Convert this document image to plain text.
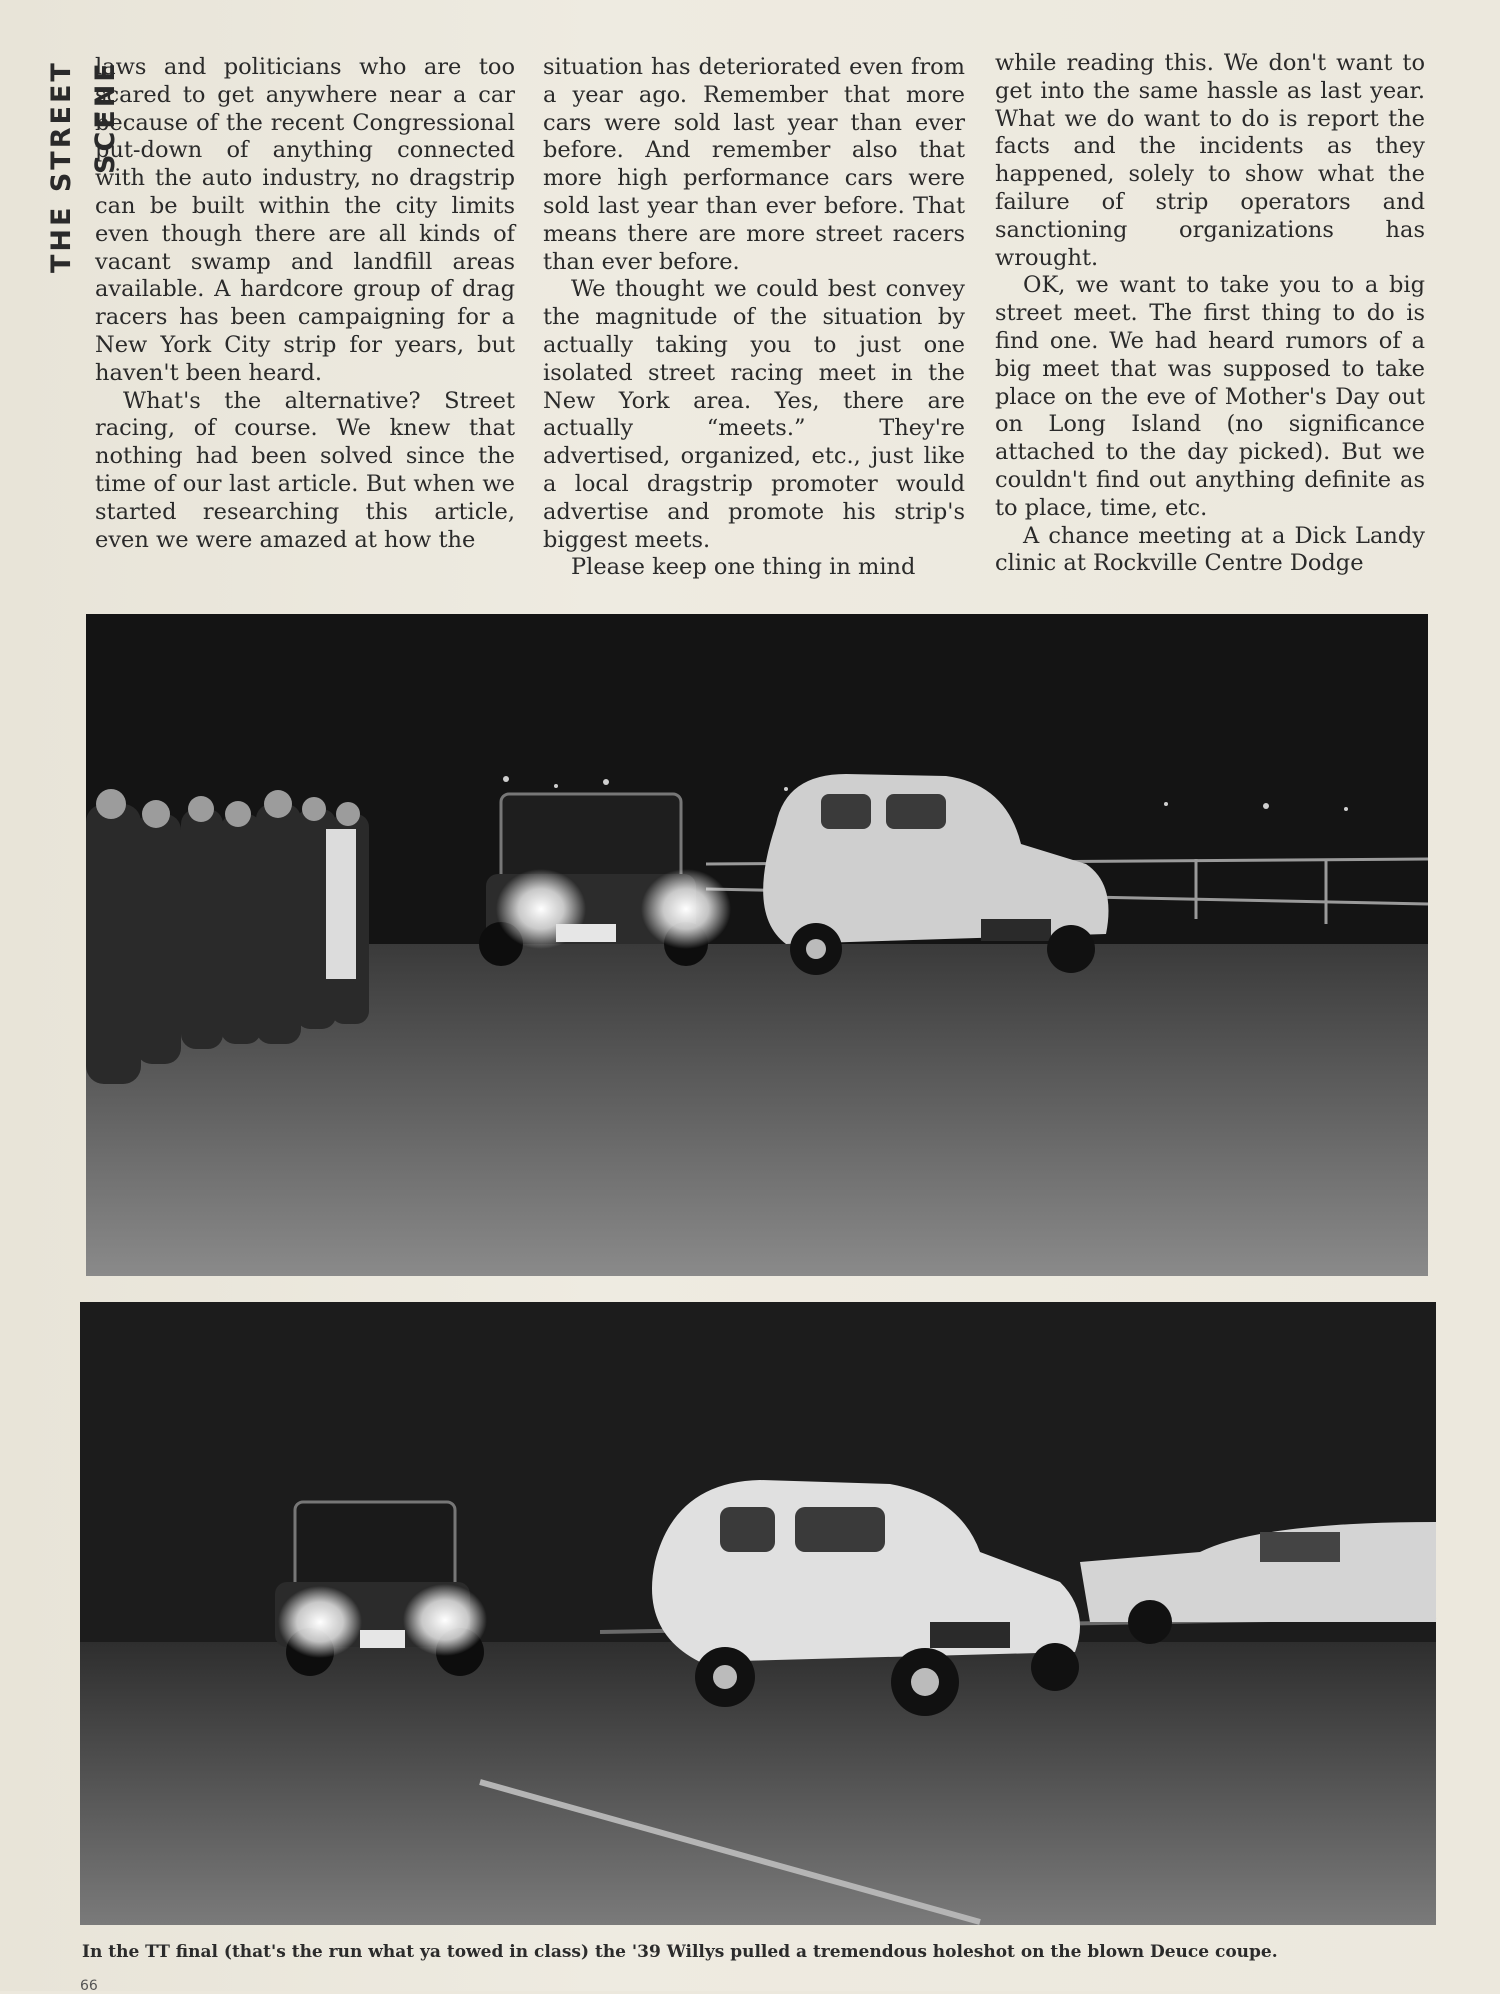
THE STREET SCENE

laws and politicians who are too scared to get anywhere near a car because of the recent Congressional put-down of anything connected with the auto industry, no dragstrip can be built within the city limits even though there are all kinds of vacant swamp and landfill areas available. A hardcore group of drag racers has been campaigning for a New York City strip for years, but haven't been heard.

What's the alternative? Street racing, of course. We knew that nothing had been solved since the time of our last article. But when we started researching this article, even we were amazed at how the

situation has deteriorated even from a year ago. Remember that more cars were sold last year than ever before. And remember also that more high performance cars were sold last year than ever before. That means there are more street racers than ever before.

We thought we could best convey the magnitude of the situation by actually taking you to just one isolated street racing meet in the New York area. Yes, there are actually “meets.” They're advertised, organized, etc., just like a local dragstrip promoter would advertise and promote his strip's biggest meets.

Please keep one thing in mind

while reading this. We don't want to get into the same hassle as last year. What we do want to do is report the facts and the incidents as they happened, solely to show what the failure of strip operators and sanctioning organizations has wrought.

OK, we want to take you to a big street meet. The first thing to do is find one. We had heard rumors of a big meet that was supposed to take place on the eve of Mother's Day out on Long Island (no significance attached to the day picked). But we couldn't find out anything definite as to place, time, etc.

A chance meeting at a Dick Landy clinic at Rockville Centre Dodge

In the TT final (that's the run what ya towed in class) the '39 Willys pulled a tremendous holeshot on the blown Deuce coupe.
66
